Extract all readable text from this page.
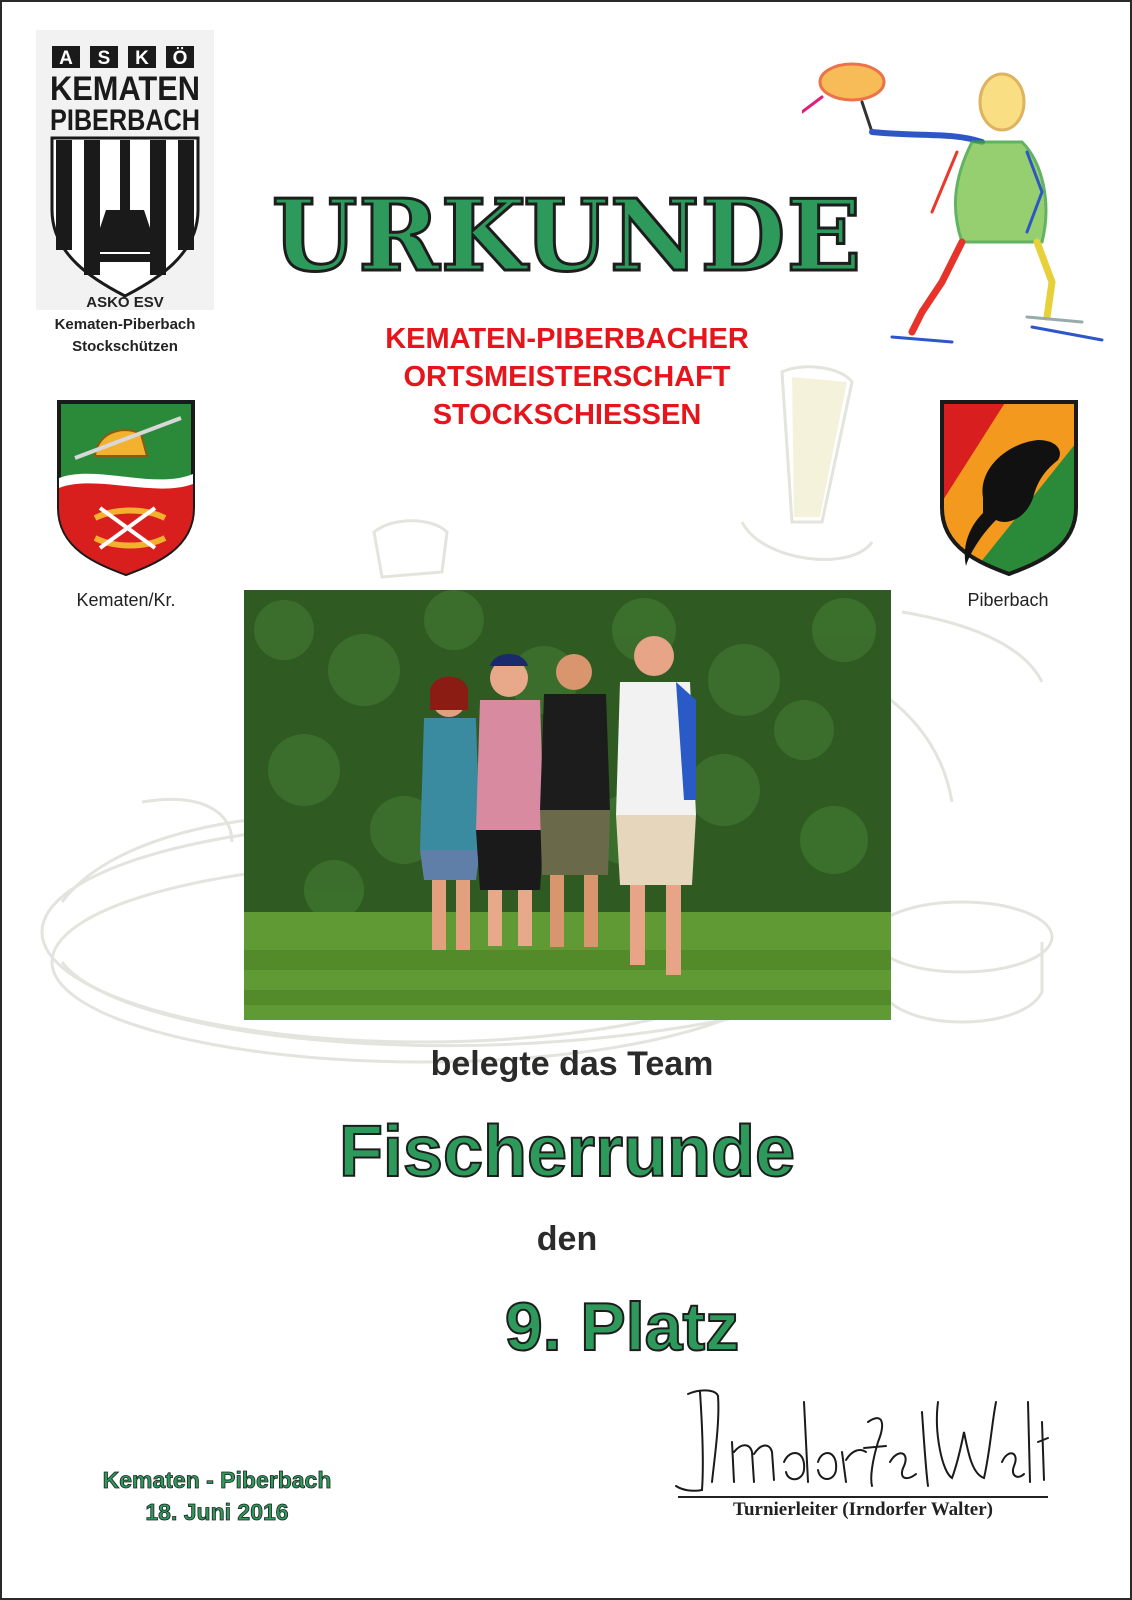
A S K Ö
KEMATEN
PIBERBACH
ASKÖ ESV
Kematen-Piberbach
Stockschützen
URKUNDE
KEMATEN-PIBERBACHER
ORTSMEISTERSCHAFT
STOCKSCHIESSEN
Kematen/Kr.	Piberbach
belegte das Team
Fischerrunde
den
9. Platz
Kematen - Piberbach
18. Juni 2016	Turnierleiter (Irndorfer Walter)
